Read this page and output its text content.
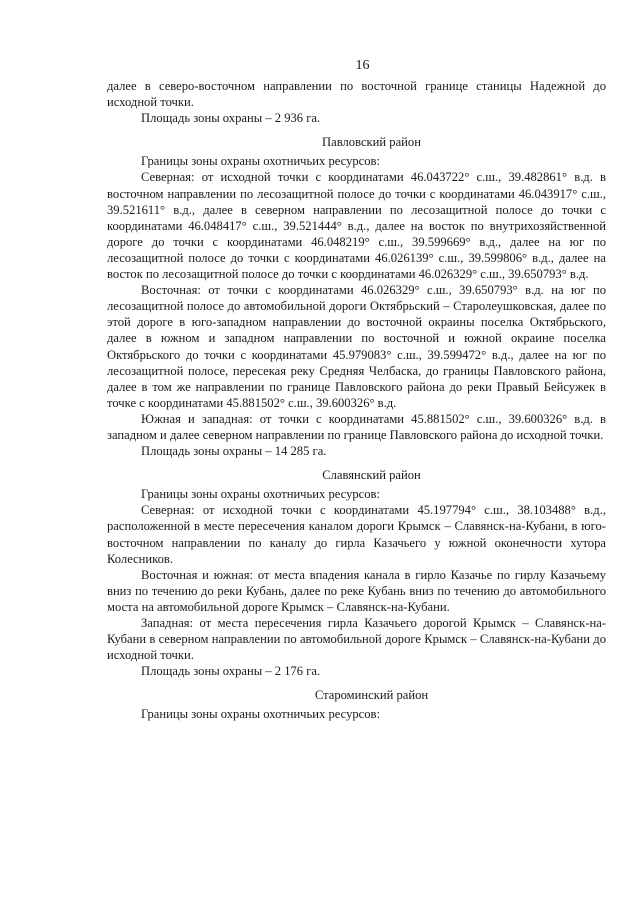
16

далее в северо-восточном направлении по восточной границе станицы Надежной до исходной точки.

Площадь зоны охраны – 2 936 га.

Павловский район

Границы зоны охраны охотничьих ресурсов:

Северная: от исходной точки с координатами 46.043722° с.ш., 39.482861° в.д. в восточном направлении по лесозащитной полосе до точки с координатами 46.043917° с.ш., 39.521611° в.д., далее в северном направлении по лесозащитной полосе до точки с координатами 46.048417° с.ш., 39.521444° в.д., далее на восток по внутрихозяйственной дороге до точки с координатами 46.048219° с.ш., 39.599669° в.д., далее на юг по лесозащитной полосе до точки с координатами 46.026139° с.ш., 39.599806° в.д., далее на восток по лесозащитной полосе до точки с координатами 46.026329° с.ш., 39.650793° в.д.

Восточная: от точки с координатами 46.026329° с.ш., 39.650793° в.д. на юг по лесозащитной полосе до автомобильной дороги Октябрьский – Старолеушковская, далее по этой дороге в юго-западном направлении до восточной окраины поселка Октябрьского, далее в южном и западном направлении по восточной и южной окраине поселка Октябрьского до точки с координатами 45.979083° с.ш., 39.599472° в.д., далее на юг по лесозащитной полосе, пересекая реку Средняя Челбаска, до границы Павловского района, далее в том же направлении по границе Павловского района до реки Правый Бейсужек в точке с координатами 45.881502° с.ш., 39.600326° в.д.

Южная и западная: от точки с координатами 45.881502° с.ш., 39.600326° в.д. в западном и далее северном направлении по границе Павловского района до исходной точки.

Площадь зоны охраны – 14 285 га.

Славянский район

Границы зоны охраны охотничьих ресурсов:

Северная: от исходной точки с координатами 45.197794° с.ш., 38.103488° в.д., расположенной в месте пересечения каналом дороги Крымск – Славянск-на-Кубани, в юго-восточном направлении по каналу до гирла Казачьего у южной оконечности хутора Колесников.

Восточная и южная: от места впадения канала в гирло Казачье по гирлу Казачьему вниз по течению до реки Кубань, далее по реке Кубань вниз по течению до автомобильного моста на автомобильной дороге Крымск – Славянск-на-Кубани.

Западная: от места пересечения гирла Казачьего дорогой Крымск – Славянск-на-Кубани в северном направлении по автомобильной дороге Крымск – Славянск-на-Кубани до исходной точки.

Площадь зоны охраны – 2 176 га.

Староминский район

Границы зоны охраны охотничьих ресурсов:
